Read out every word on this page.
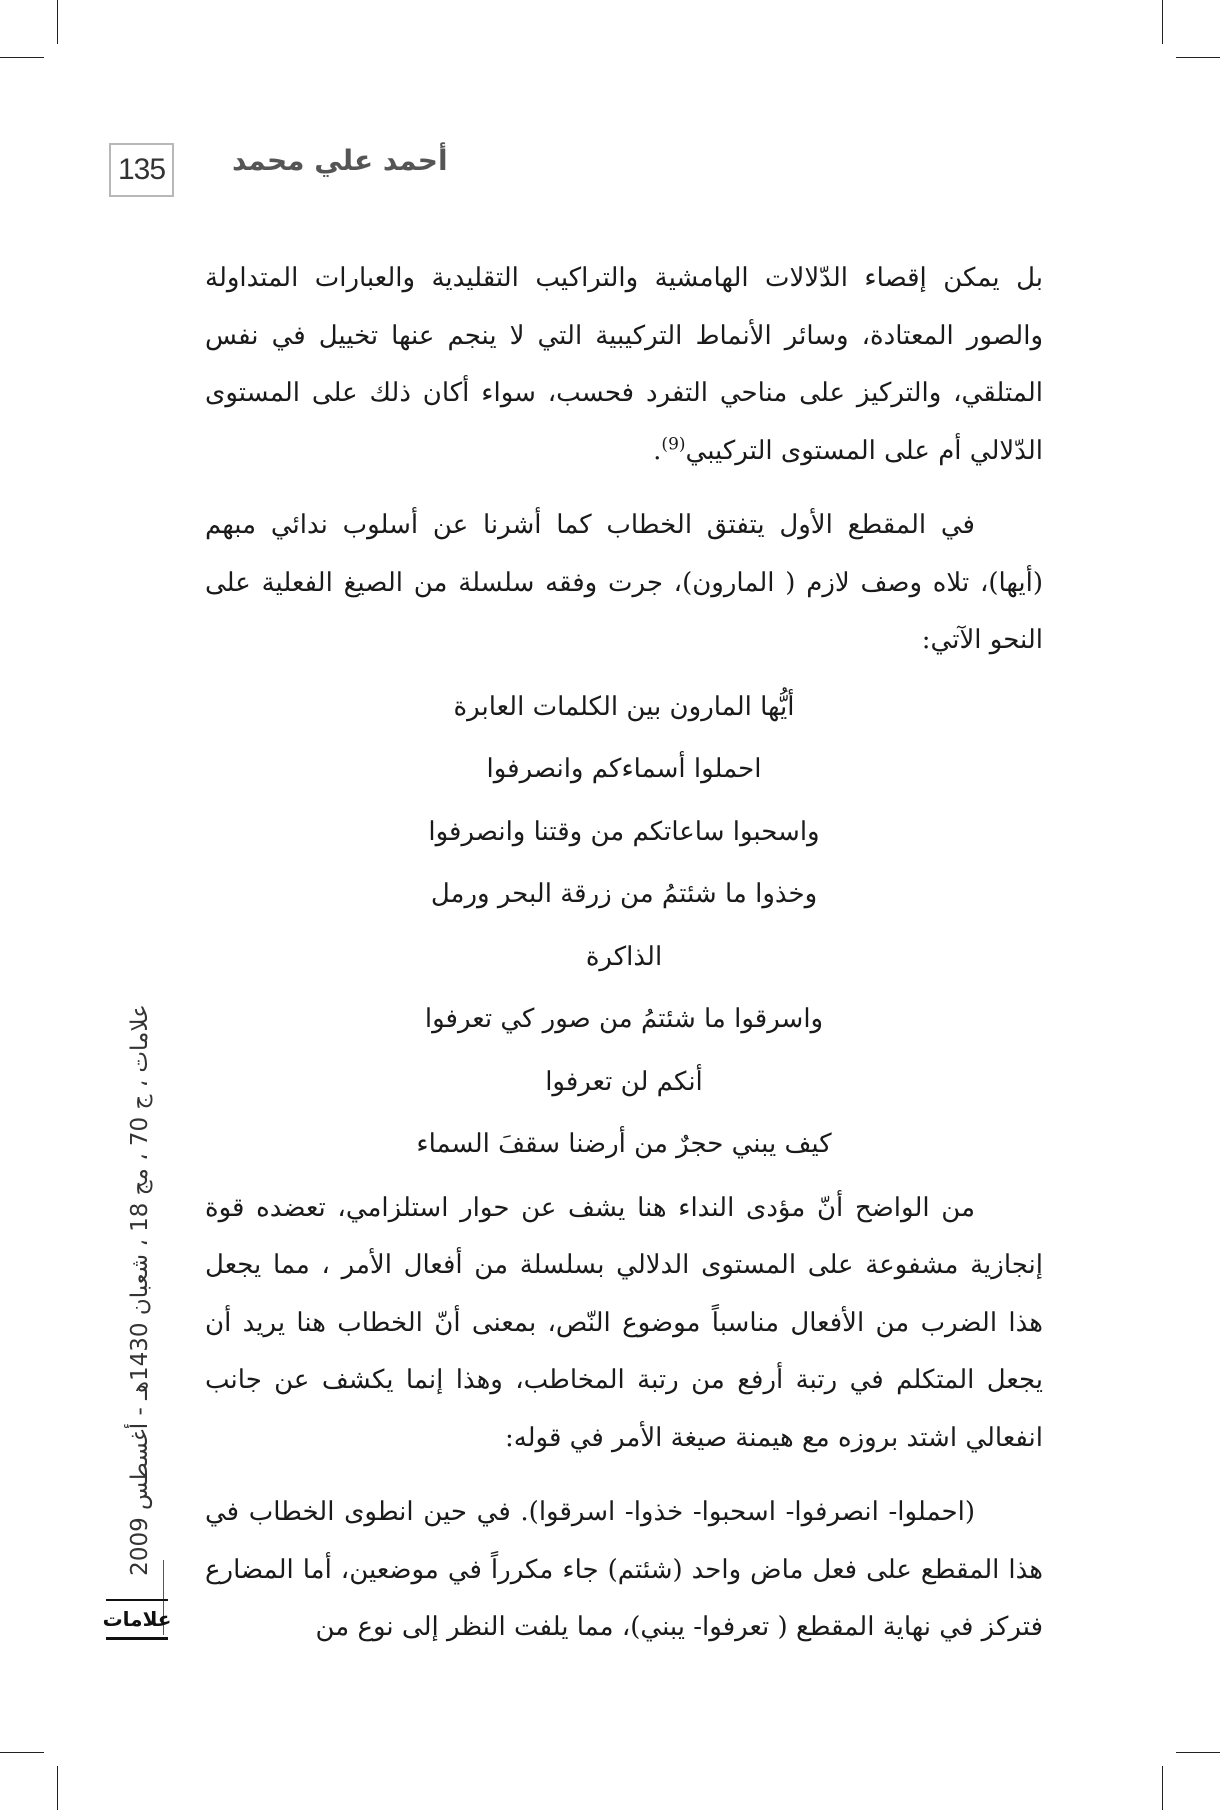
135	أحمد علي محمد
علامات ، ج 70 ، مج 18 ، شعبان 1430هـ - أغسطس 2009
علامات

بل يمكن إقصاء الدّلالات الهامشية والتراكيب التقليدية والعبارات المتداولة والصور المعتادة، وسائر الأنماط التركيبية التي لا ينجم عنها تخييل في نفس المتلقي، والتركيز على مناحي التفرد فحسب، سواء أكان ذلك على المستوى الدّلالي أم على المستوى التركيبي$^{(9)}$.

في المقطع الأول يتفتق الخطاب كما أشرنا عن أسلوب ندائي مبهم (أيها)، تلاه وصف لازم ( المارون)، جرت وفقه سلسلة من الصيغ الفعلية على النحو الآتي:

أيُّها المارون بين الكلمات العابرة

احملوا أسماءكم وانصرفوا

واسحبوا ساعاتكم من وقتنا وانصرفوا

وخذوا ما شئتمُ من زرقة البحر ورمل

الذاكرة

واسرقوا ما شئتمُ من صور كي تعرفوا

أنكم لن تعرفوا

كيف يبني حجرٌ من أرضنا سقفَ السماء

من الواضح أنّ مؤدى النداء هنا يشف عن حوار استلزامي، تعضده قوة إنجازية مشفوعة على المستوى الدلالي بسلسلة من أفعال الأمر ، مما يجعل هذا الضرب من الأفعال مناسباً موضوع النّص، بمعنى أنّ الخطاب هنا يريد أن يجعل المتكلم في رتبة أرفع من رتبة المخاطب، وهذا إنما يكشف عن جانب انفعالي اشتد بروزه مع هيمنة صيغة الأمر في قوله:

(احملوا- انصرفوا- اسحبوا- خذوا- اسرقوا). في حين انطوى الخطاب في هذا المقطع على فعل ماض واحد (شئتم) جاء مكرراً في موضعين، أما المضارع فتركز في نهاية المقطع ( تعرفوا- يبني)، مما يلفت النظر إلى نوع من
